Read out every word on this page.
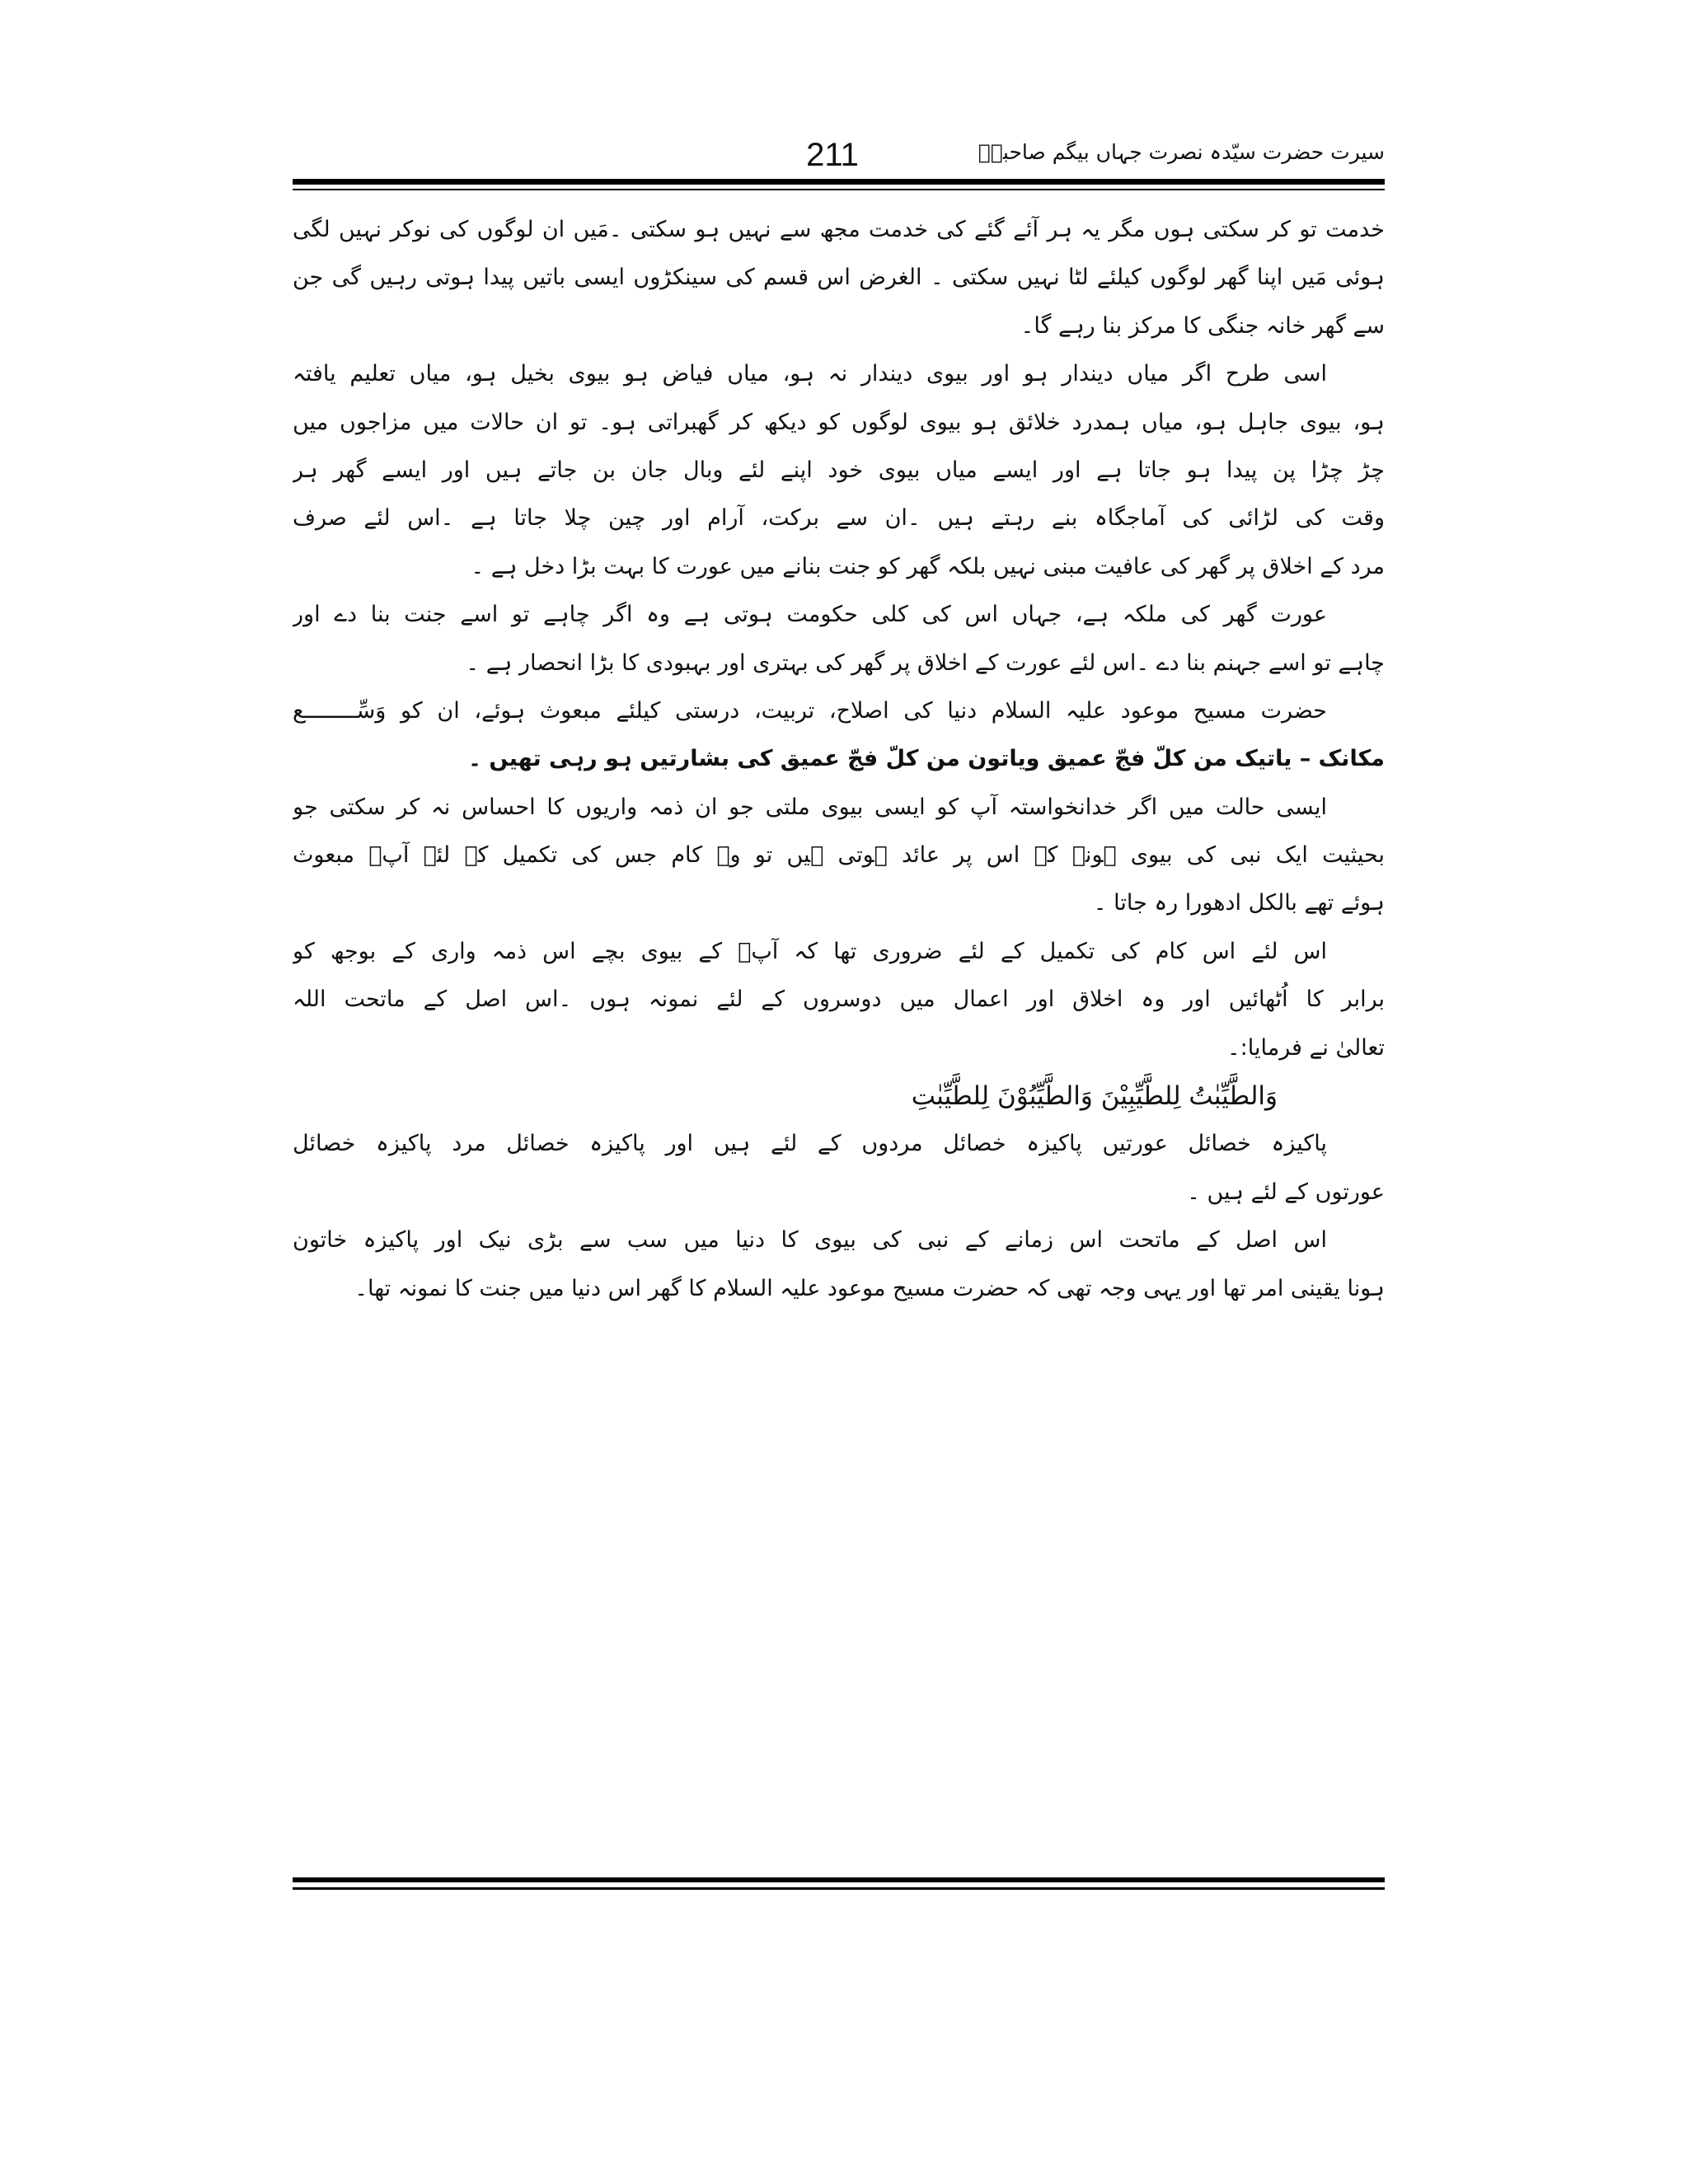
211	سیرت حضرت سیّدہ نصرت جہاں بیگم صاحبہؓ
خدمت تو کر سکتی ہوں مگر یہ ہر آئے گئے کی خدمت مجھ سے نہیں ہو سکتی ۔مَیں ان لوگوں کی نوکر نہیں لگی
ہوئی مَیں اپنا گھر لوگوں کیلئے لٹا نہیں سکتی ۔ الغرض اس قسم کی سینکڑوں ایسی باتیں پیدا ہوتی رہیں گی جن
سے گھر خانہ جنگی کا مرکز بنا رہے گا۔
اسی طرح اگر میاں دیندار ہو اور بیوی دیندار نہ ہو، میاں فیاض ہو بیوی بخیل ہو، میاں تعلیم یافتہ
ہو، بیوی جاہل ہو، میاں ہمدرد خلائق ہو بیوی لوگوں کو دیکھ کر گھبراتی ہو۔ تو ان حالات میں مزاجوں میں
چڑ چڑا پن پیدا ہو جاتا ہے اور ایسے میاں بیوی خود اپنے لئے وبال جان بن جاتے ہیں اور ایسے گھر ہر
وقت کی لڑائی کی آماجگاہ بنے رہتے ہیں ۔ان سے برکت، آرام اور چین چلا جاتا ہے ۔اس لئے صرف
مرد کے اخلاق پر گھر کی عافیت مبنی نہیں بلکہ گھر کو جنت بنانے میں عورت کا بہت بڑا دخل ہے ۔
عورت گھر کی ملکہ ہے، جہاں اس کی کلی حکومت ہوتی ہے وہ اگر چاہے تو اسے جنت بنا دے اور
چاہے تو اسے جہنم بنا دے ۔اس لئے عورت کے اخلاق پر گھر کی بہتری اور بہبودی کا بڑا انحصار ہے ۔
حضرت مسیح موعود علیہ السلام دنیا کی اصلاح، تربیت، درستی کیلئے مبعوث ہوئے، ان کو وَسِّــــــــع
مکانک – یاتیک من کلّ فجّ عمیق ویاتون من کلّ فجّ عمیق کی بشارتیں ہو رہی تھیں ۔
ایسی حالت میں اگر خدانخواستہ آپ کو ایسی بیوی ملتی جو ان ذمہ واریوں کا احساس نہ کر سکتی جو
بحیثیت ایک نبی کی بیوی ہونے کے اس پر عائد ہوتی ہیں تو وہ کام جس کی تکمیل کے لئے آپؑ مبعوث
ہوئے تھے بالکل ادھورا رہ جاتا ۔
اس لئے اس کام کی تکمیل کے لئے ضروری تھا کہ آپؑ کے بیوی بچے اس ذمہ واری کے بوجھ کو
برابر کا اُٹھائیں اور وہ اخلاق اور اعمال میں دوسروں کے لئے نمونہ ہوں ۔اس اصل کے ماتحت اللہ
تعالیٰ نے فرمایا:۔
وَالطَّيِّبٰتُ لِلطَّيِّبِيْنَ وَالطَّيِّبُوْنَ لِلطَّيِّبٰتِ
پاکیزہ خصائل عورتیں پاکیزہ خصائل مردوں کے لئے ہیں اور پاکیزہ خصائل مرد پاکیزہ خصائل
عورتوں کے لئے ہیں ۔
اس اصل کے ماتحت اس زمانے کے نبی کی بیوی کا دنیا میں سب سے بڑی نیک اور پاکیزہ خاتون
ہونا یقینی امر تھا اور یہی وجہ تھی کہ حضرت مسیح موعود علیہ السلام کا گھر اس دنیا میں جنت کا نمونہ تھا۔
